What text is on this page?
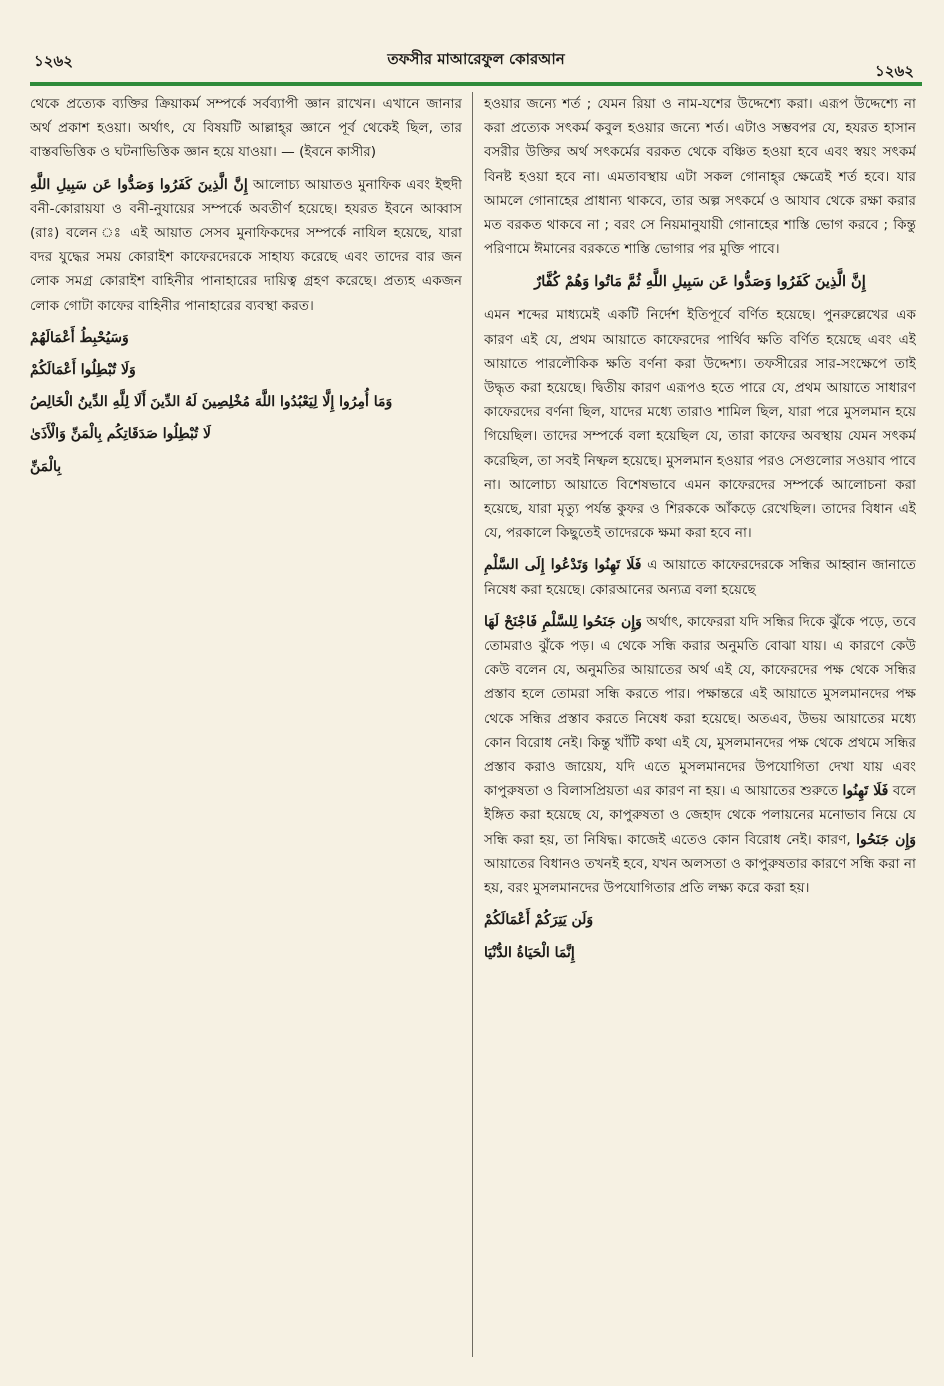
১২৬২	তফসীর মাআরেফুল কোরআন
১২৬২

থেকে প্রত্যেক ব্যক্তির ক্রিয়াকর্ম সম্পর্কে সর্বব্যাপী জ্ঞান রাখেন। এখানে জানার অর্থ প্রকাশ হওয়া। অর্থাৎ, যে বিষয়টি আল্লাহ্‌র জ্ঞানে পূর্ব থেকেই ছিল, তার বাস্তবভিত্তিক ও ঘটনাভিত্তিক জ্ঞান হয়ে যাওয়া। — (ইবনে কাসীর)

إِنَّ الَّذِينَ كَفَرُوا وَصَدُّوا عَن سَبِيلِ اللَّهِ আলোচ্য আয়াতও মুনাফিক এবং ইহুদী বনী-কোরায়যা ও বনী-নুযায়ের সম্পর্কে অবতীর্ণ হয়েছে। হযরত ইবনে আব্বাস (রাঃ) বলেন ঃ এই আয়াত সেসব মুনাফিকদের সম্পর্কে নাযিল হয়েছে, যারা বদর যুদ্ধের সময় কোরাইশ কাফেরদেরকে সাহায্য করেছে এবং তাদের বার জন লোক সমগ্র কোরাইশ বাহিনীর পানাহারের দায়িত্ব গ্রহণ করেছে। প্রত্যহ একজন লোক গোটা কাফের বাহিনীর পানাহারের ব্যবস্থা করত।

وَسَيُحْبِطُ أَعْمَالَهُمْ

وَلَا تُبْطِلُوا أَعْمَالَكُمْ

وَمَا أُمِرُوا إِلَّا لِيَعْبُدُوا اللَّهَ مُخْلِصِينَ لَهُ الدِّينَ أَلَا لِلَّهِ الدِّينُ الْخَالِصُ

لَا تُبْطِلُوا صَدَقَاتِكُم بِالْمَنِّ وَالْأَذَىٰ

بِالْمَنِّ

হওয়ার জন্যে শর্ত ; যেমন রিয়া ও নাম-যশের উদ্দেশ্যে করা। এরূপ উদ্দেশ্যে না করা প্রত্যেক সৎকর্ম কবুল হওয়ার জন্যে শর্ত। এটাও সম্ভবপর যে, হযরত হাসান বসরীর উক্তির অর্থ সৎকর্মের বরকত থেকে বঞ্চিত হওয়া হবে এবং স্বয়ং সৎকর্ম বিনষ্ট হওয়া হবে না। এমতাবস্থায় এটা সকল গোনাহ্‌র ক্ষেত্রেই শর্ত হবে। যার আমলে গোনাহের প্রাধান্য থাকবে, তার অল্প সৎকর্মে ও আযাব থেকে রক্ষা করার মত বরকত থাকবে না ; বরং সে নিয়মানুযায়ী গোনাহের শাস্তি ভোগ করবে ; কিন্তু পরিণামে ঈমানের বরকতে শাস্তি ভোগার পর মুক্তি পাবে।

إِنَّ الَّذِينَ كَفَرُوا وَصَدُّوا عَن سَبِيلِ اللَّهِ ثُمَّ مَاتُوا وَهُمْ كُفَّارٌ

এমন শব্দের মাধ্যমেই একটি নির্দেশ ইতিপূর্বে বর্ণিত হয়েছে। পুনরুল্লেখের এক কারণ এই যে, প্রথম আয়াতে কাফেরদের পার্থিব ক্ষতি বর্ণিত হয়েছে এবং এই আয়াতে পারলৌকিক ক্ষতি বর্ণনা করা উদ্দেশ্য। তফসীরের সার-সংক্ষেপে তাই উদ্ধৃত করা হয়েছে। দ্বিতীয় কারণ এরূপও হতে পারে যে, প্রথম আয়াতে সাধারণ কাফেরদের বর্ণনা ছিল, যাদের মধ্যে তারাও শামিল ছিল, যারা পরে মুসলমান হয়ে গিয়েছিল। তাদের সম্পর্কে বলা হয়েছিল যে, তারা কাফের অবস্থায় যেমন সৎকর্ম করেছিল, তা সবই নিষ্ফল হয়েছে। মুসলমান হওয়ার পরও সেগুলোর সওয়াব পাবে না। আলোচ্য আয়াতে বিশেষভাবে এমন কাফেরদের সম্পর্কে আলোচনা করা হয়েছে, যারা মৃত্যু পর্যন্ত কুফর ও শিরককে আঁকড়ে রেখেছিল। তাদের বিধান এই যে, পরকালে কিছুতেই তাদেরকে ক্ষমা করা হবে না।

فَلَا تَهِنُوا وَتَدْعُوا إِلَى السَّلْمِ এ আয়াতে কাফেরদেরকে সন্ধির আহ্বান জানাতে নিষেধ করা হয়েছে। কোরআনের অন্যত্র বলা হয়েছে

وَإِن جَنَحُوا لِلسَّلْمِ فَاجْنَحْ لَهَا অর্থাৎ, কাফেররা যদি সন্ধির দিকে ঝুঁকে পড়ে, তবে তোমরাও ঝুঁকে পড়। এ থেকে সন্ধি করার অনুমতি বোঝা যায়। এ কারণে কেউ কেউ বলেন যে, অনুমতির আয়াতের অর্থ এই যে, কাফেরদের পক্ষ থেকে সন্ধির প্রস্তাব হলে তোমরা সন্ধি করতে পার। পক্ষান্তরে এই আয়াতে মুসলমানদের পক্ষ থেকে সন্ধির প্রস্তাব করতে নিষেধ করা হয়েছে। অতএব, উভয় আয়াতের মধ্যে কোন বিরোধ নেই। কিন্তু খাঁটি কথা এই যে, মুসলমানদের পক্ষ থেকে প্রথমে সন্ধির প্রস্তাব করাও জায়েয, যদি এতে মুসলমানদের উপযোগিতা দেখা যায় এবং কাপুরুষতা ও বিলাসপ্রিয়তা এর কারণ না হয়। এ আয়াতের শুরুতে فَلَا تَهِنُوا বলে ইঙ্গিত করা হয়েছে যে, কাপুরুষতা ও জেহাদ থেকে পলায়নের মনোভাব নিয়ে যে সন্ধি করা হয়, তা নিষিদ্ধ। কাজেই এতেও কোন বিরোধ নেই। কারণ, وَإِن جَنَحُوا আয়াতের বিধানও তখনই হবে, যখন অলসতা ও কাপুরুষতার কারণে সন্ধি করা না হয়, বরং মুসলমানদের উপযোগিতার প্রতি লক্ষ্য করে করা হয়।

وَلَن يَتِرَكُمْ أَعْمَالَكُمْ

إِنَّمَا الْحَيَاةُ الدُّنْيَا
